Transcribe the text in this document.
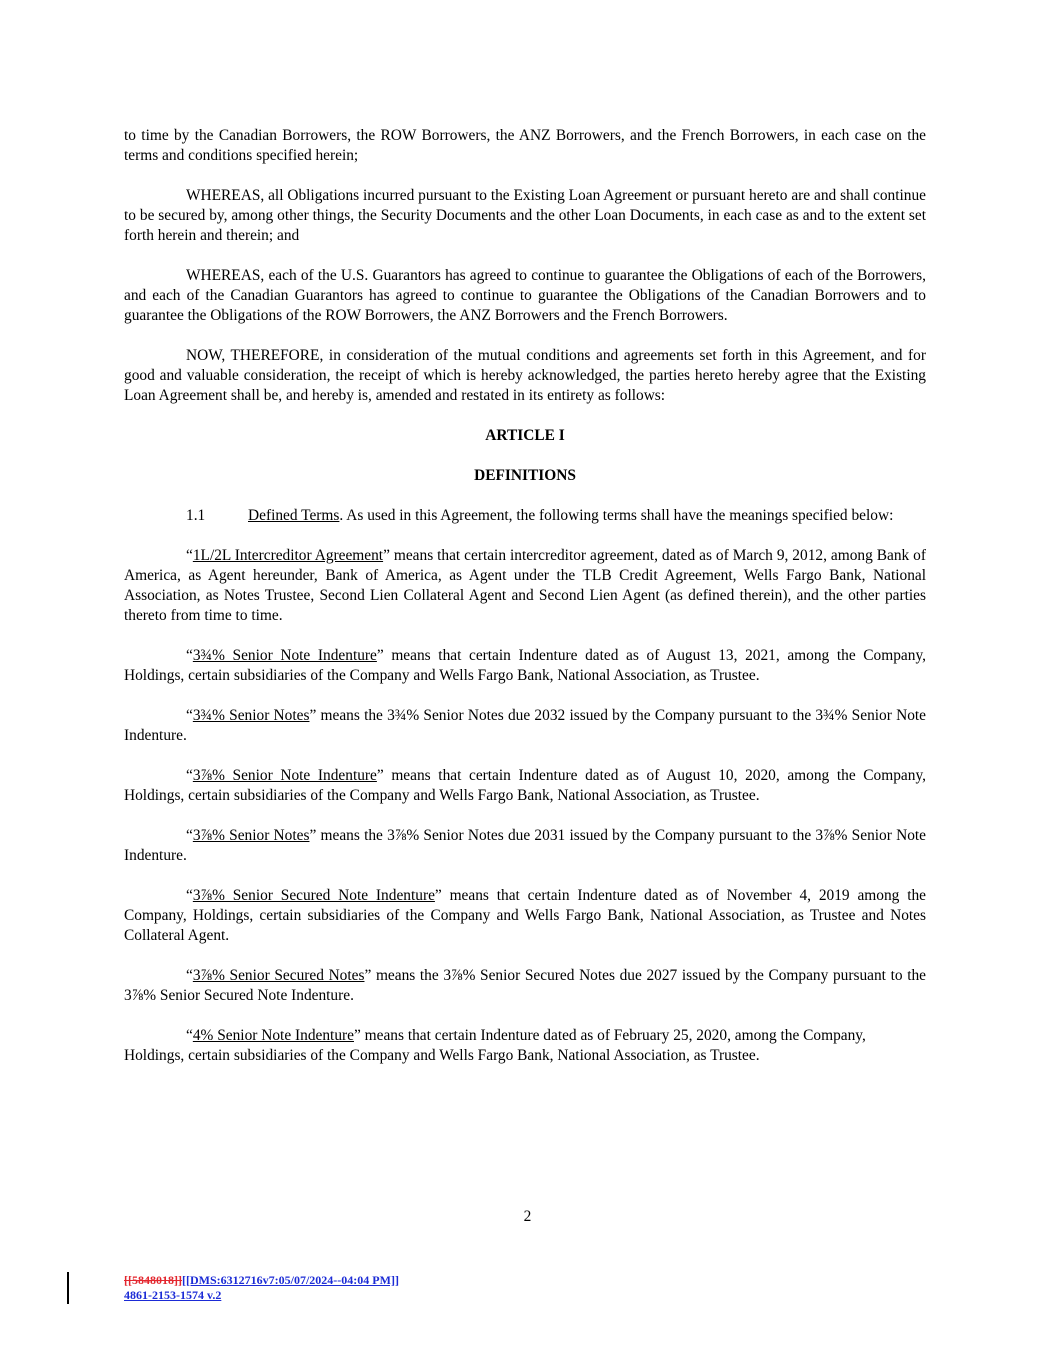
to time by the Canadian Borrowers, the ROW Borrowers, the ANZ Borrowers, and the French Borrowers, in each case on the terms and conditions specified herein;

WHEREAS, all Obligations incurred pursuant to the Existing Loan Agreement or pursuant hereto are and shall continue to be secured by, among other things, the Security Documents and the other Loan Documents, in each case as and to the extent set forth herein and therein; and

WHEREAS, each of the U.S. Guarantors has agreed to continue to guarantee the Obligations of each of the Borrowers, and each of the Canadian Guarantors has agreed to continue to guarantee the Obligations of the Canadian Borrowers and to guarantee the Obligations of the ROW Borrowers, the ANZ Borrowers and the French Borrowers.

NOW, THEREFORE, in consideration of the mutual conditions and agreements set forth in this Agreement, and for good and valuable consideration, the receipt of which is hereby acknowledged, the parties hereto hereby agree that the Existing Loan Agreement shall be, and hereby is, amended and restated in its entirety as follows:

ARTICLE I
DEFINITIONS

1.1	Defined Terms. As used in this Agreement, the following terms shall have the meanings specified below:

“1L/2L Intercreditor Agreement” means that certain intercreditor agreement, dated as of March 9, 2012, among Bank of America, as Agent hereunder, Bank of America, as Agent under the TLB Credit Agreement, Wells Fargo Bank, National Association, as Notes Trustee, Second Lien Collateral Agent and Second Lien Agent (as defined therein), and the other parties thereto from time to time.

“3¾% Senior Note Indenture” means that certain Indenture dated as of August 13, 2021, among the Company, Holdings, certain subsidiaries of the Company and Wells Fargo Bank, National Association, as Trustee.

“3¾% Senior Notes” means the 3¾% Senior Notes due 2032 issued by the Company pursuant to the 3¾% Senior Note Indenture.

“3⅞% Senior Note Indenture” means that certain Indenture dated as of August 10, 2020, among the Company, Holdings, certain subsidiaries of the Company and Wells Fargo Bank, National Association, as Trustee.

“3⅞% Senior Notes” means the 3⅞% Senior Notes due 2031 issued by the Company pursuant to the 3⅞% Senior Note Indenture.

“3⅞% Senior Secured Note Indenture” means that certain Indenture dated as of November 4, 2019 among the Company, Holdings, certain subsidiaries of the Company and Wells Fargo Bank, National Association, as Trustee and Notes Collateral Agent.

“3⅞% Senior Secured Notes” means the 3⅞% Senior Secured Notes due 2027 issued by the Company pursuant to the 3⅞% Senior Secured Note Indenture.

“4% Senior Note Indenture” means that certain Indenture dated as of February 25, 2020, among the Company, Holdings, certain subsidiaries of the Company and Wells Fargo Bank, National Association, as Trustee.

2
[[5848018]][[DMS:6312716v7:05/07/2024--04:04 PM]]
4861-2153-1574 v.2
